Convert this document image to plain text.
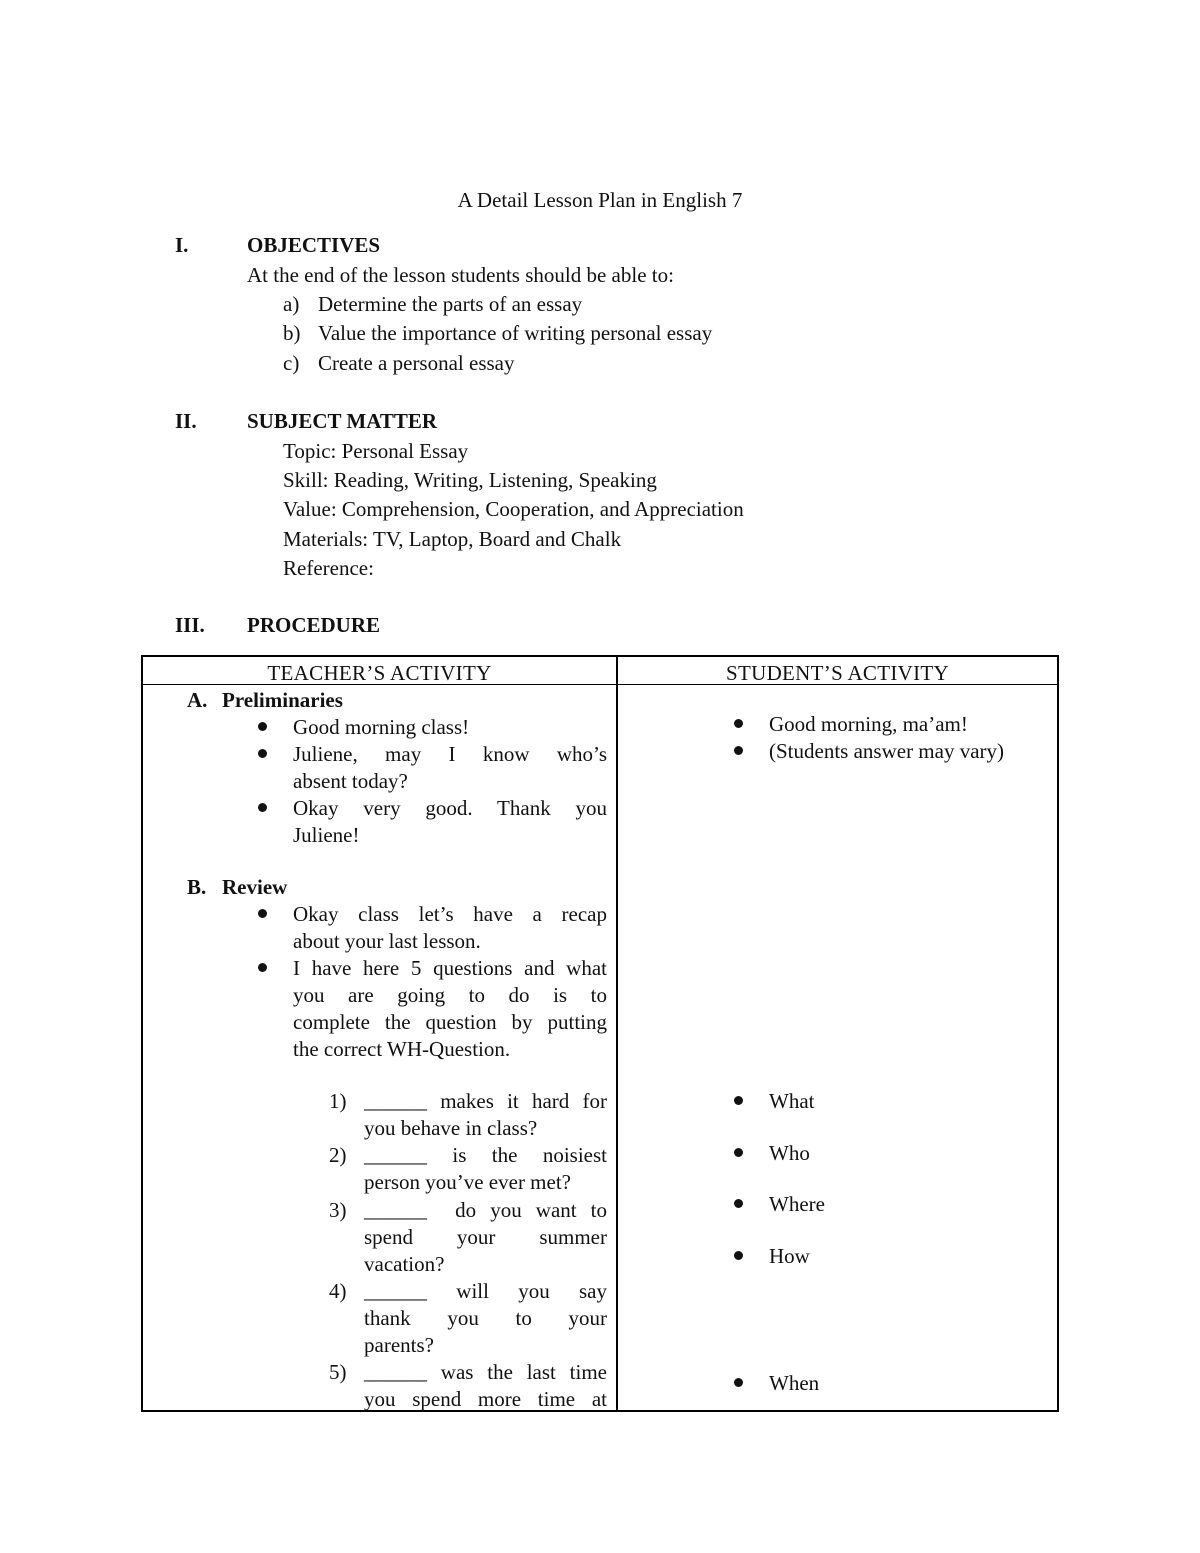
A Detail Lesson Plan in English 7
I.	OBJECTIVES
At the end of the lesson students should be able to:
a) Determine the parts of an essay
b) Value the importance of writing personal essay
c) Create a personal essay
II. SUBJECT MATTER
Topic: Personal Essay
Skill: Reading, Writing, Listening, Speaking
Value: Comprehension, Cooperation, and Appreciation
Materials: TV, Laptop, Board and Chalk
Reference:
III. PROCEDURE
TEACHER’S ACTIVITY	STUDENT’S ACTIVITY
A. Preliminaries
Good morning class!
Juliene,  may  I  know  who’s
absent today?
Okay  very  good.  Thank  you
Juliene!
Good morning, ma’am!
(Students answer may vary)
B. Review
Okay  class  let’s  have  a  recap
about your last lesson.
I have here 5 questions and what
you  are  going  to  do  is  to
complete the question by putting
the correct WH-Question.
1) ______ makes it hard for
you behave in class?
2) ______  is  the  noisiest
person you’ve ever met?
3) ______  do you want to
spend   your   summer
vacation?
4) ______  will  you  say
thank   you   to   your
parents?
5) ______ was the last time
you spend more time at
What
Who
Where
How
When
